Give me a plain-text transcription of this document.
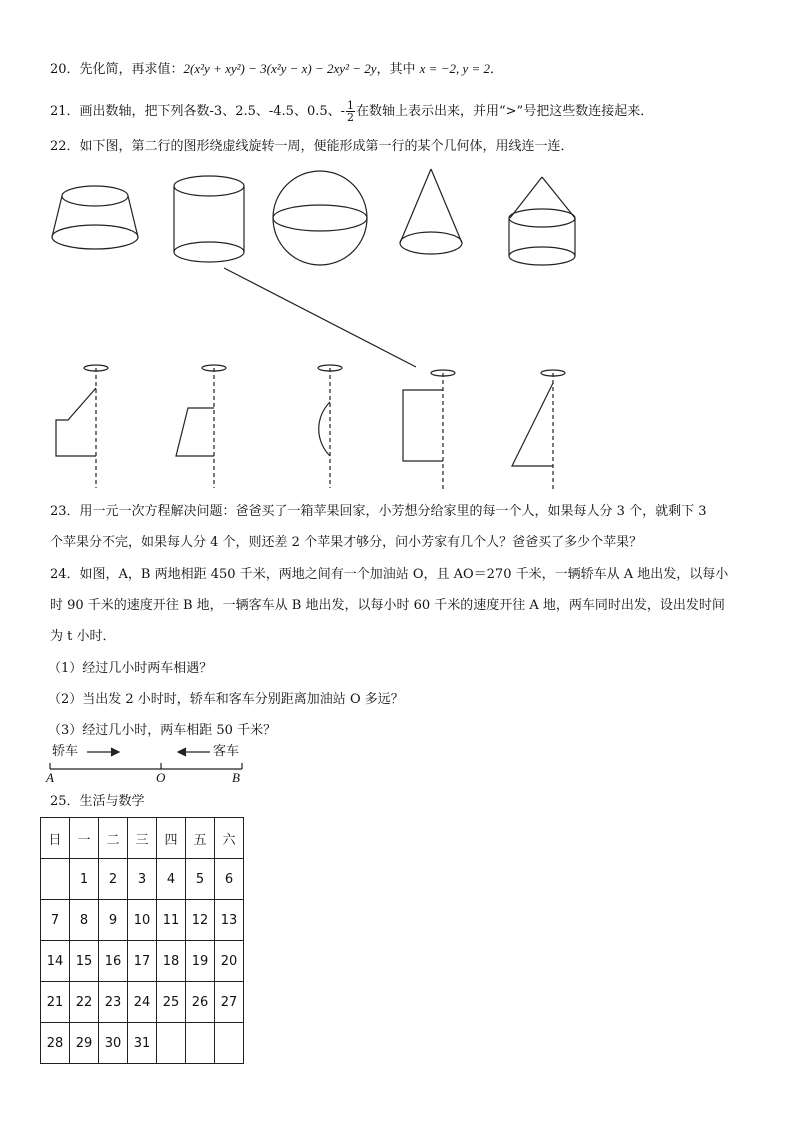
20．先化简，再求值：2(x²y + xy²) − 3(x²y − x) − 2xy² − 2y，其中 x = −2, y = 2．
21．画出数轴，把下列各数-3、2.5、-4.5、0.5、- $\frac{1}{2}$ 在数轴上表示出来，并用“>”号把这些数连接起来．
22．如下图，第二行的图形绕虚线旋转一周，便能形成第一行的某个几何体，用线连一连．
23．用一元一次方程解决问题：爸爸买了一箱苹果回家，小芳想分给家里的每一个人，如果每人分 3 个，就剩下 3
个苹果分不完，如果每人分 4 个，则还差 2 个苹果才够分，问小芳家有几个人？爸爸买了多少个苹果？
24．如图，A，B 两地相距 450 千米，两地之间有一个加油站 O，且 AO＝270 千米，一辆轿车从 A 地出发，以每小
时 90 千米的速度开往 B 地，一辆客车从 B 地出发，以每小时 60 千米的速度开往 A 地，两车同时出发，设出发时间
为 t 小时．
（1）经过几小时两车相遇？
（2）当出发 2 小时时，轿车和客车分别距离加油站 O 多远？
（3）经过几小时，两车相距 50 千米？
轿车	客车
A	O	B
25．生活与数学
日	一	二	三	四	五	六
	1	2	3	4	5	6
7	8	9	10	11	12	13
14	15	16	17	18	19	20
21	22	23	24	25	26	27
28	29	30	31			
